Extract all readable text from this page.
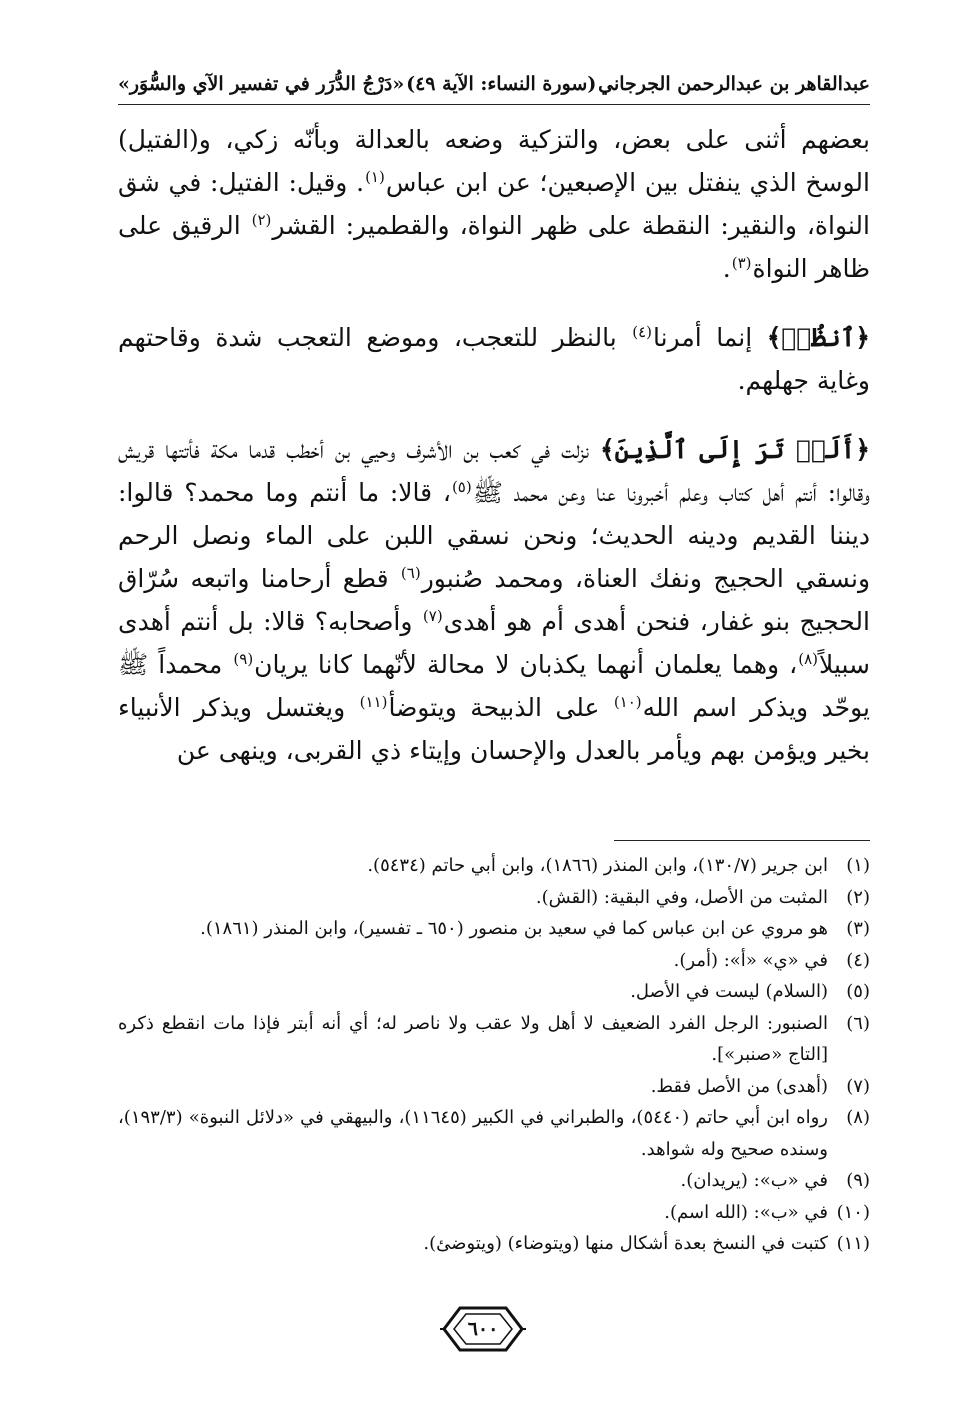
عبدالقاهر بن عبدالرحمن الجرجاني
(سورة النساء: الآية ٤٩)
«دَرْجُ الدُّرَر في تفسير الآي والسُّوَر»

بعضهم أثنى على بعض، والتزكية وضعه بالعدالة وبأنّه زكي، و(الفتيل) الوسخ الذي ينفتل بين الإصبعين؛ عن ابن عباس$^{(١)}$. وقيل: الفتيل: في شق النواة، والنقير: النقطة على ظهر النواة، والقطمير: القشر$^{(٢)}$ الرقيق على ظاهر النواة$^{(٣)}$.

﴿ٱنظُرۡ﴾ إنما أمرنا$^{(٤)}$ بالنظر للتعجب، وموضع التعجب شدة وقاحتهم وغاية جهلهم.

﴿أَلَمۡ تَرَ إِلَى ٱلَّذِينَ﴾ نزلت في كعب بن الأشرف وحيي بن أخطب قدما مكة فأتتها قريش وقالوا: أنتم أهل كتاب وعلم أخبرونا عنا وعن محمد ﷺ$^{(٥)}$، قالا: ما أنتم وما محمد؟ قالوا: ديننا القديم ودينه الحديث؛ ونحن نسقي اللبن على الماء ونصل الرحم ونسقي الحجيج ونفك العناة، ومحمد صُنبور$^{(٦)}$ قطع أرحامنا واتبعه سُرّاق الحجيج بنو غفار، فنحن أهدى أم هو أهدى$^{(٧)}$ وأصحابه؟ قالا: بل أنتم أهدى سبيلاً$^{(٨)}$، وهما يعلمان أنهما يكذبان لا محالة لأنّهما كانا يريان$^{(٩)}$ محمداً ﷺ يوحّد ويذكر اسم الله$^{(١٠)}$ على الذبيحة ويتوضأ$^{(١١)}$ ويغتسل ويذكر الأنبياء بخير ويؤمن بهم ويأمر بالعدل والإحسان وإيتاء ذي القربى، وينهى عن

(١)
ابن جرير (١٣٠/٧)، وابن المنذر (١٨٦٦)، وابن أبي حاتم (٥٤٣٤).
(٢)
المثبت من الأصل، وفي البقية: (القش).
(٣)
هو مروي عن ابن عباس كما في سعيد بن منصور (٦٥٠ ـ تفسير)، وابن المنذر (١٨٦١).
(٤)
في «ي» «أ»: (أمر).
(٥)
(السلام) ليست في الأصل.
(٦)
الصنبور: الرجل الفرد الضعيف لا أهل ولا عقب ولا ناصر له؛ أي أنه أبتر فإذا مات انقطع ذكره [التاج «صنبر»].
(٧)
(أهدى) من الأصل فقط.
(٨)
رواه ابن أبي حاتم (٥٤٤٠)، والطبراني في الكبير (١١٦٤٥)، والبيهقي في «دلائل النبوة» (١٩٣/٣)، وسنده صحيح وله شواهد.
(٩)
في «ب»: (يريدان).
(١٠)
في «ب»: (الله اسم).
(١١)
كتبت في النسخ بعدة أشكال منها (ويتوضاء) (ويتوضئ).
٦٠٠
